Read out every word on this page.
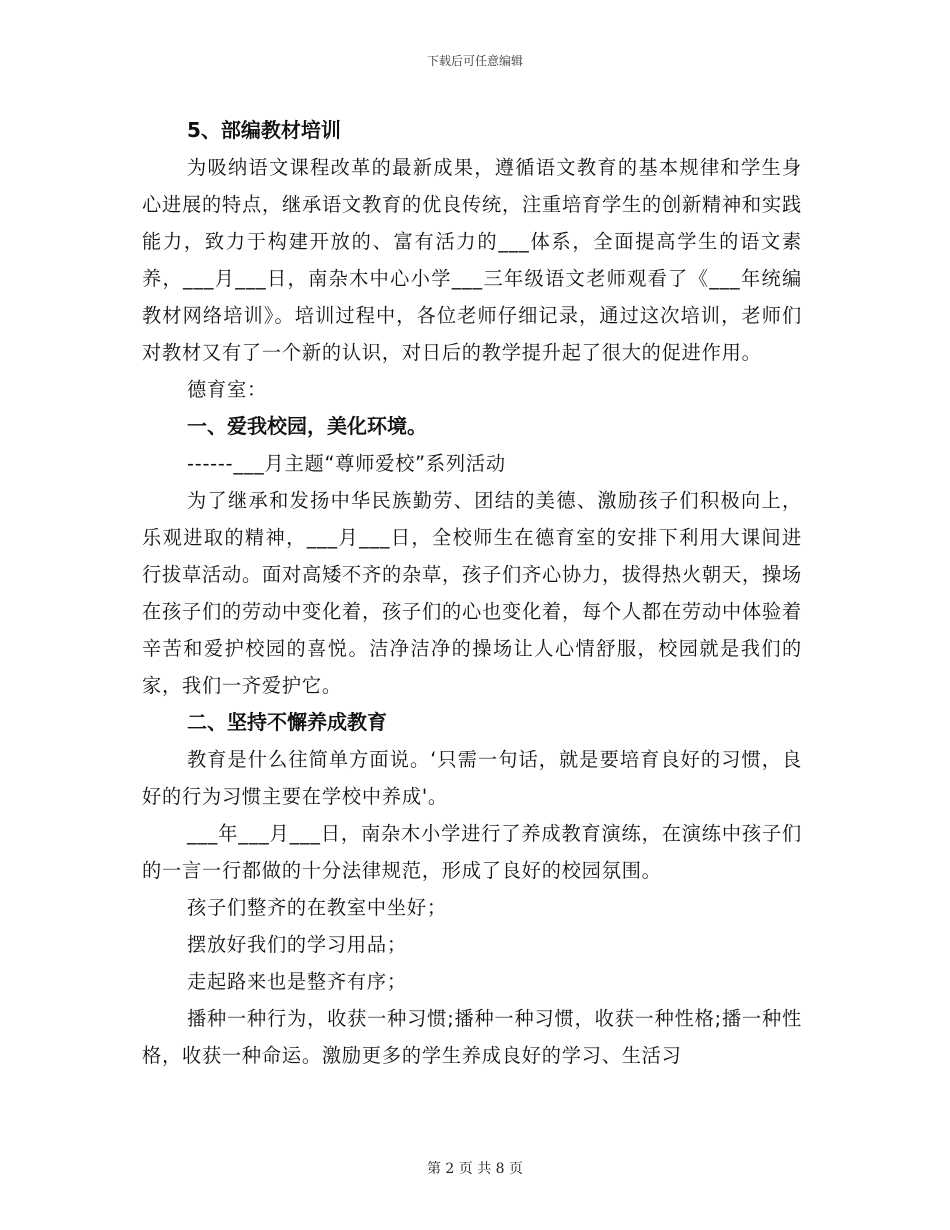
下载后可任意编辑

5、部编教材培训

为吸纳语文课程改革的最新成果，遵循语文教育的基本规律和学生身心进展的特点，继承语文教育的优良传统，注重培育学生的创新精神和实践能力，致力于构建开放的、富有活力的___体系，全面提高学生的语文素养，___月___日，南杂木中心小学___三年级语文老师观看了《___年统编教材网络培训》。培训过程中，各位老师仔细记录，通过这次培训，老师们对教材又有了一个新的认识，对日后的教学提升起了很大的促进作用。

德育室：

一、爱我校园，美化环境。

------___月主题“尊师爱校”系列活动

为了继承和发扬中华民族勤劳、团结的美德、激励孩子们积极向上，乐观进取的精神，___月___日，全校师生在德育室的安排下利用大课间进行拔草活动。面对高矮不齐的杂草，孩子们齐心协力，拔得热火朝天，操场在孩子们的劳动中变化着，孩子们的心也变化着，每个人都在劳动中体验着辛苦和爱护校园的喜悦。洁净洁净的操场让人心情舒服，校园就是我们的家，我们一齐爱护它。

二、坚持不懈养成教育

教育是什么往简单方面说。‘只需一句话，就是要培育良好的习惯，良好的行为习惯主要在学校中养成'。

___年___月___日，南杂木小学进行了养成教育演练，在演练中孩子们的一言一行都做的十分法律规范，形成了良好的校园氛围。

孩子们整齐的在教室中坐好；

摆放好我们的学习用品；

走起路来也是整齐有序；

播种一种行为，收获一种习惯;播种一种习惯，收获一种性格;播一种性格，收获一种命运。激励更多的学生养成良好的学习、生活习

第 2 页 共 8 页
